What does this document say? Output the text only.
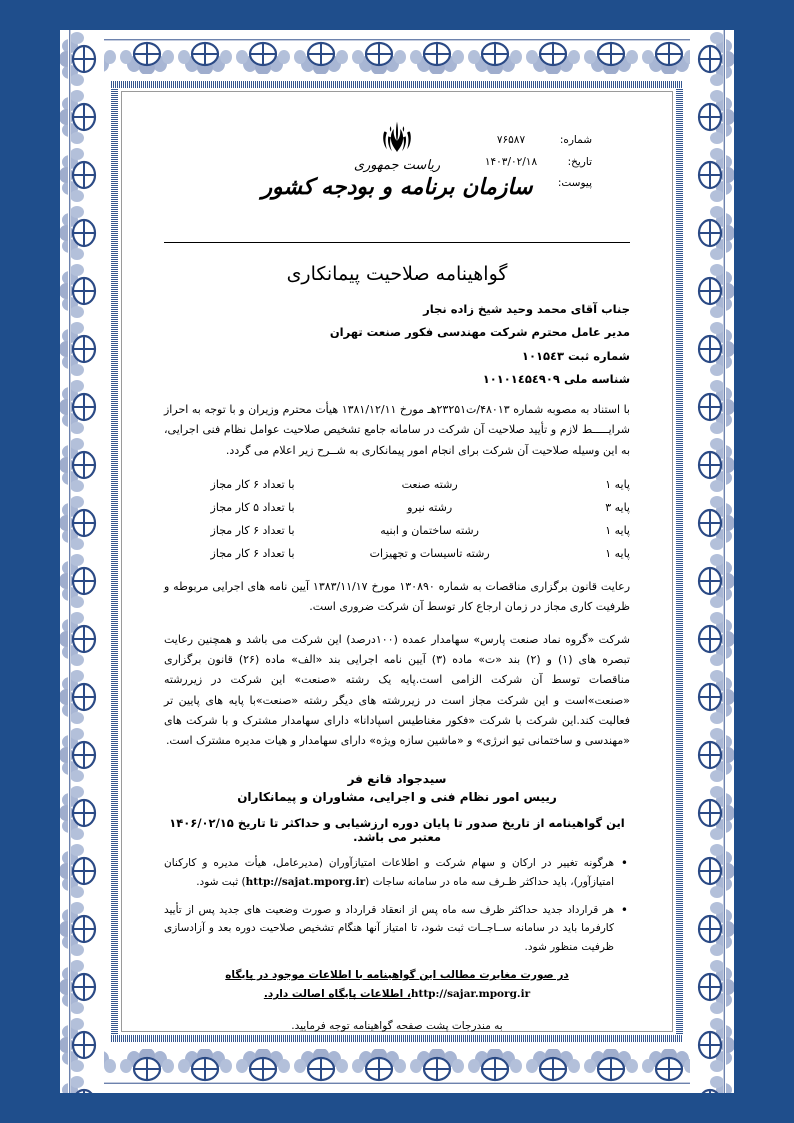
ریاست جمهوری
سازمان برنامه و بودجه کشور
شماره:
۷۶۵۸۷
تاریخ:
۱۴۰۳/۰۲/۱۸
پیوست:
گواهینامه صلاحیت پیمانکاری
جناب آقای محمد وحید شیخ زاده نجار
مدیر عامل محترم شرکت مهندسی فکور صنعت تهران
شماره ثبت ۱۰۱۵٤۳
شناسه ملی ۱۰۱۰۱٤۵٤۹۰۹

با استناد به مصوبه شماره ۴۸۰۱۳/ت۲۳۲۵۱هـ مورخ ۱۳۸۱/۱۲/۱۱ هیأت محترم وزیران و با توجه به احراز شرایـــــط لازم و تأیید صلاحیت آن شرکت در سامانه جامع تشخیص صلاحیت عوامل نظام فنی اجرایی، به این وسیله صلاحیت آن شرکت برای انجام امور پیمانکاری به شــرح زیر اعلام می گردد.

پایه ۱	رشته صنعت	با تعداد ۶ کار مجاز
پایه ۳	رشته نیرو	با تعداد ۵ کار مجاز
پایه ۱	رشته ساختمان و ابنیه	با تعداد ۶ کار مجاز
پایه ۱	رشته تاسیسات و تجهیزات	با تعداد ۶ کار مجاز

رعایت قانون برگزاری مناقصات به شماره ۱۳۰۸۹۰ مورخ ۱۳۸۳/۱۱/۱۷ آیین نامه های اجرایی مربوطه و ظرفیت کاری مجاز در زمان ارجاع کار توسط آن شرکت ضروری است.

شرکت «گروه نماد صنعت پارس» سهامدار عمده (۱۰۰درصد) این شرکت می باشد و همچنین رعایت تبصره های (۱) و (۲) بند «ت» ماده (۳) آیین نامه اجرایی بند «الف» ماده (۲۶) قانون برگزاری مناقصات توسط آن شرکت الزامی است.پایه یک رشته «صنعت» این شرکت در زیررشته «صنعت»است و این شرکت مجاز است در زیررشته های دیگر رشته «صنعت»با پایه های پایین تر فعالیت کند.این شرکت با شرکت «فکور مغناطیس اسپادانا» دارای سهامدار مشترک و با شرکت های «مهندسی و ساختمانی تیو انرژی» و «ماشین سازه ویژه» دارای سهامدار و هیات مدیره مشترک است.

سیدجواد قانع فر
رییس امور نظام فنی و اجرایی، مشاوران و پیمانکاران
این گواهینامه از تاریخ صدور تا پایان دوره ارزشیابی و حداکثر تا تاریخ ۱۴۰۶/۰۲/۱۵ معتبر می باشد.
• هرگونه تغییر در ارکان و سهام شرکت و اطلاعات امتیازآوران (مدیرعامل، هیأت مدیره و کارکنان امتیازآور)، باید حداکثر ظـرف سه ماه در سامانه ساجات (http://sajat.mporg.ir) ثبت شود.
• هر قرارداد جدید حداکثر ظرف سه ماه پس از انعقاد قرارداد و صورت وضعیت های جدید پس از تأیید کارفرما باید در سامانه ســاجــات ثبت شود، تا امتیاز آنها هنگام تشخیص صلاحیت دوره بعد و آزادسازی ظرفیت منظور شود.
در صورت مغایرت مطالب این گواهینامه با اطلاعات موجود در پایگاه http://sajar.mporg.ir، اطلاعات پایگاه اصالت دارد.
به مندرجات پشت صفحه گواهینامه توجه فرمایید.
